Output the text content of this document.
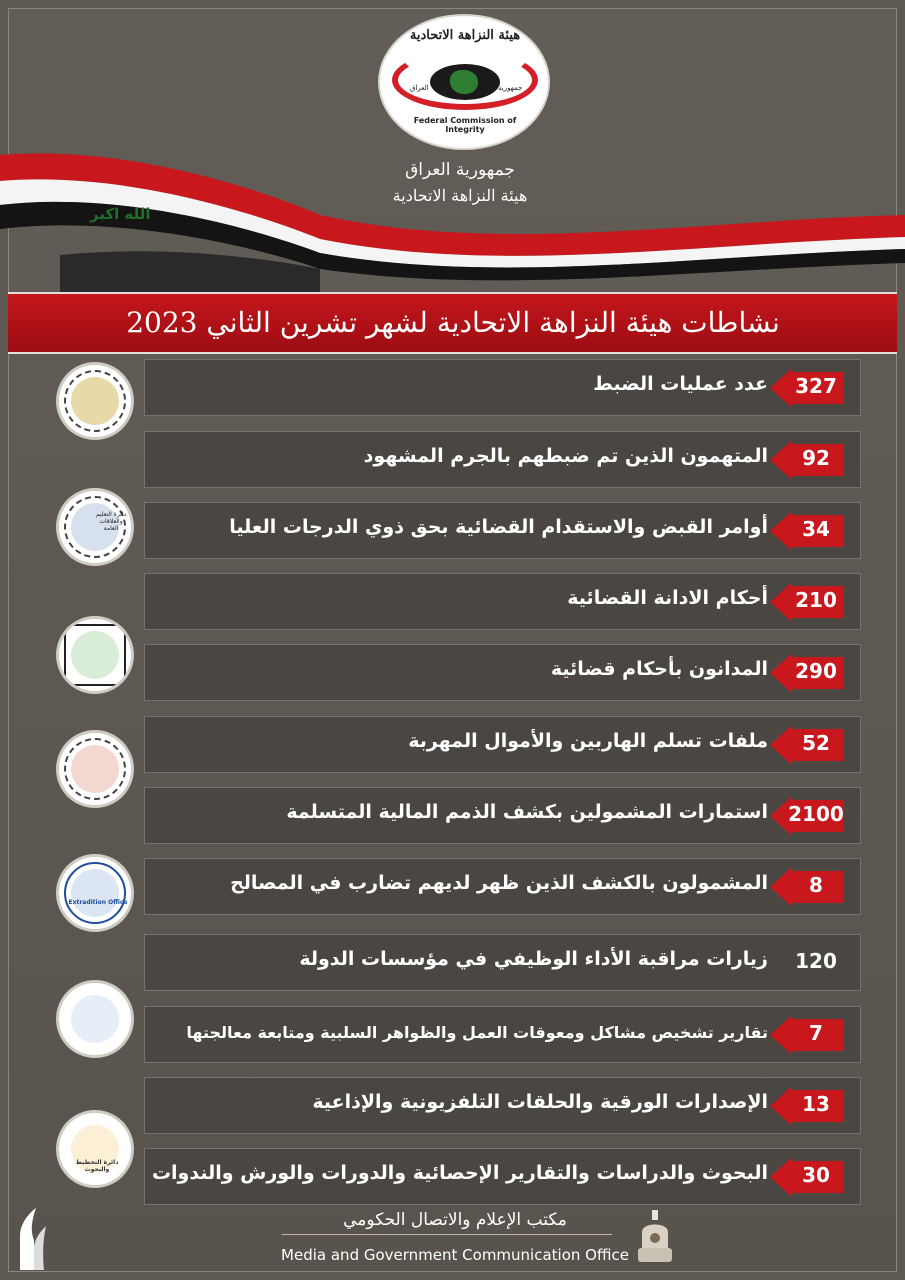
الله اكبر
هيئة النزاهة الاتحادية
العراق	جمهورية
Federal Commission of Integrity
جمهورية العراق
هيئة النزاهة الاتحادية
نشاطات هيئة النزاهة الاتحادية لشهر تشرين الثاني 2023
عدد عمليات الضبط	327
المتهمون الذين تم ضبطهم بالجرم المشهود	92
أوامر القبض والاستقدام القضائية بحق ذوي الدرجات العليا	34
أحكام الادانة القضائية	210
المدانون بأحكام قضائية	290
ملفات تسلم الهاربين والأموال المهربة	52
استمارات المشمولين بكشف الذمم المالية المتسلمة	2100
المشمولون بالكشف الذين ظهر لديهم تضارب في المصالح	8
زيارات مراقبة الأداء الوظيفي في مؤسسات الدولة	120
تقارير تشخيص مشاكل ومعوقات العمل والظواهر السلبية ومتابعة معالجتها	7
الإصدارات الورقية والحلقات التلفزيونية والإذاعية	13
البحوث والدراسات والتقارير الإحصائية والدورات والورش والندوات	30
دائرة التعليم والعلاقات العامة
Extradition Office
دائرة التخطيط والبحوث
مكتب الإعلام والاتصال الحكومي
Media and Government Communication Office
